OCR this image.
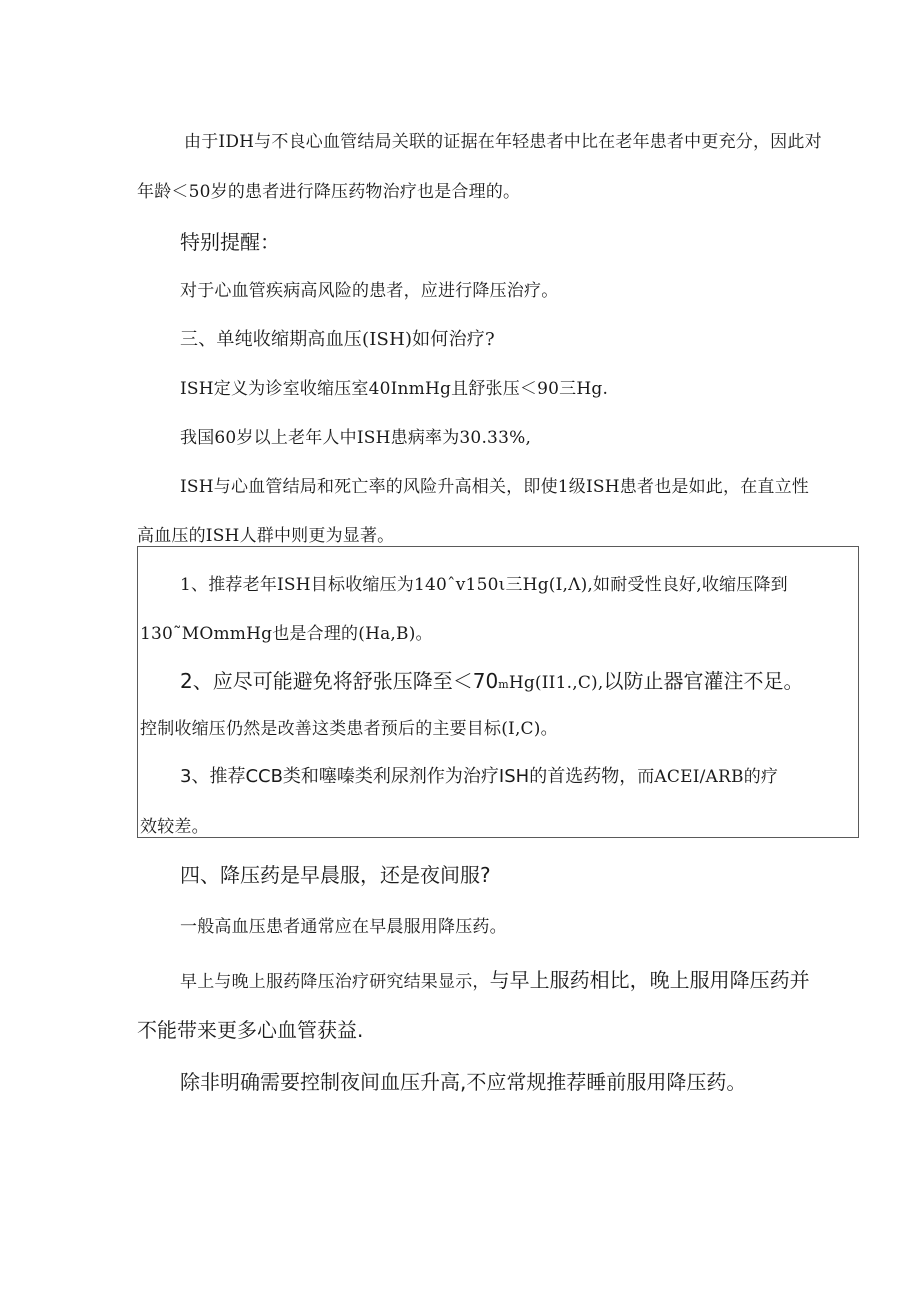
由于IDH与不良心血管结局关联的证据在年轻患者中比在老年患者中更充分，因此对

年龄＜50岁的患者进行降压药物治疗也是合理的。

特别提醒：

对于心血管疾病高风险的患者，应进行降压治疗。

三、单纯收缩期高血压(ISH)如何治疗?

ISH定义为诊室收缩压室40InmHg且舒张压＜90三Hg.

我国60岁以上老年人中ISH患病率为30.33%,

ISH与心血管结局和死亡率的风险升高相关，即使1级ISH患者也是如此，在直立性

高血压的ISH人群中则更为显著。

1、推荐老年ISH目标收缩压为140ˆv150ι三Hg(I,Λ),如耐受性良好,收缩压降到

130˜MOmmHg也是合理的(Ha,B)。

2、应尽可能避免将舒张压降至＜70mHg(II1.,C),以防止器官灌注不足。

控制收缩压仍然是改善这类患者预后的主要目标(I,C)。

3、推荐CCB类和噻嗪类利尿剂作为治疗ISH的首选药物，而ACEI/ARB的疗

效较差。

四、降压药是早晨服，还是夜间服?

一般高血压患者通常应在早晨服用降压药。

早上与晚上服药降压治疗研究结果显示，与早上服药相比，晚上服用降压药并

不能带来更多心血管获益.

除非明确需要控制夜间血压升高,不应常规推荐睡前服用降压药。
